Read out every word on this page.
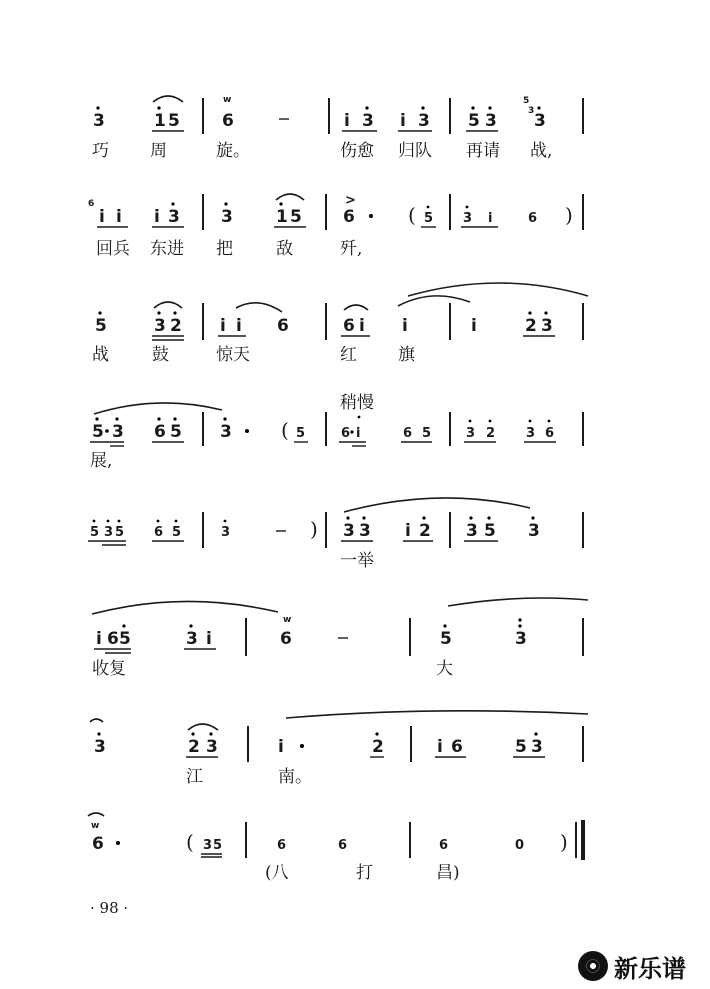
3	1 5
w
6	i 3 i 3 5 3
5
3 3
巧 周	旋。	伤愈 归队 再请 战,
6
i i i 3 3	1 5
>
6	( 5 3 i	6 )
回兵 东进 把	敌	歼,
5	3 2 i i 6	6 i i	i	2 3
战	鼓	惊天	红 旗
稍慢
5 3 6 5 3 ( 5	6 i	6 5	3 2 3 6
展,
5 3 5 6 5	3	) 3 3 i 2 3 5 3
一举
i 6 5	3 i
w
6	5	3
收复	大
3	2 3	i	2	i 6	5 3
江	南。
w
6	( 3 5	6	6	6	0 )
(八	打	昌)
· 98 ·
新乐谱
